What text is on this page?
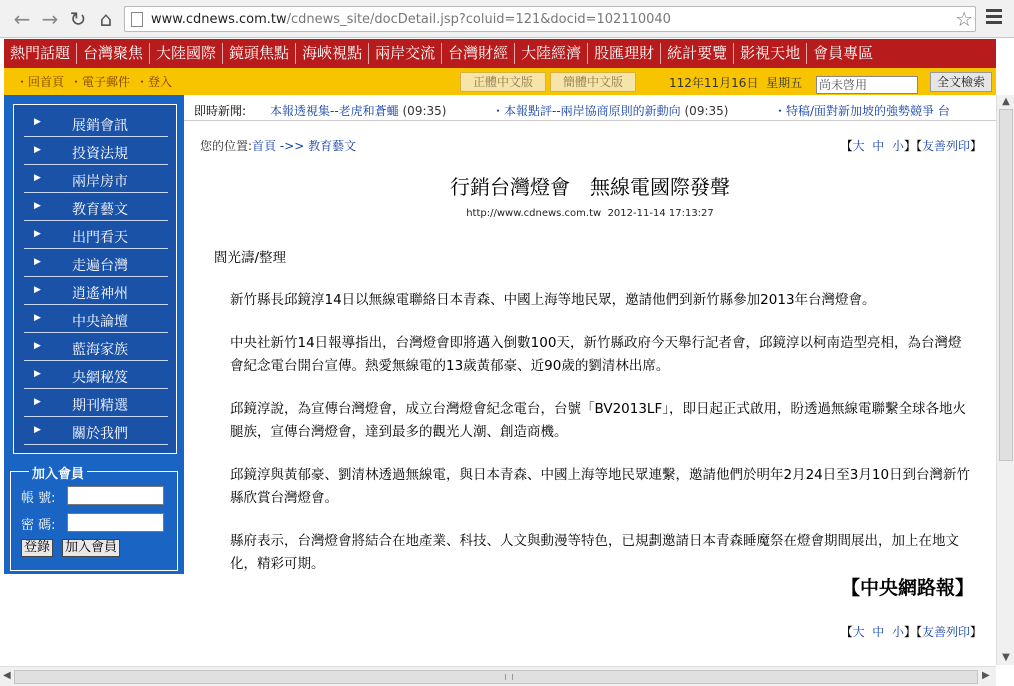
← → ↻ ⌂	www.cdnews.com.tw/cdnews_site/docDetail.jsp?coluid=121&docid=102110040	☆
熱門話題 台灣聚焦 大陸國際 鏡頭焦點 海峽視點 兩岸交流 台灣財經 大陸經濟 股匯理財 統計要覽 影視天地 會員專區
・回首頁 ・電子郵件 ・登入	正體中文版	簡體中文版	112年11月16日 星期五 尚未啓用	全文檢索
▶ 展銷會訊
▶ 投資法規
▶ 兩岸房市
▶ 教育藝文
▶ 出門看天
▶ 走遍台灣
▶ 逍遙神州
▶ 中央論壇
▶ 藍海家族
▶ 央網秘笈
▶ 期刊精選
▶ 關於我們
加入會員
帳 號:
密 碼:
登錄 加入會員
即時新聞: 本報透視集--老虎和蒼蠅 (09:35)	・本報點評--兩岸協商原則的新動向 (09:35)	・特稿/面對新加坡的強勢競爭 台
您的位置:首頁 ->> 教育藝文	【大 中 小】【友善列印】
行銷台灣燈會　無線電國際發聲
http://www.cdnews.com.tw 2012-11-14 17:13:27

閻光濤/整理

新竹縣長邱鏡淳14日以無線電聯絡日本青森、中國上海等地民眾，邀請他們到新竹縣參加2013年台灣燈會。

中央社新竹14日報導指出，台灣燈會即將邁入倒數100天，新竹縣政府今天舉行記者會，邱鏡淳以柯南造型亮相，為台灣燈會紀念電台開台宣傳。熱愛無線電的13歲黃郁豪、近90歲的劉清林出席。

邱鏡淳說，為宣傳台灣燈會，成立台灣燈會紀念電台，台號「BV2013LF」，即日起正式啟用，盼透過無線電聯繫全球各地火腿族，宣傳台灣燈會，達到最多的觀光人潮、創造商機。

邱鏡淳與黃郁豪、劉清林透過無線電，與日本青森、中國上海等地民眾連繫，邀請他們於明年2月24日至3月10日到台灣新竹縣欣賞台灣燈會。

縣府表示，台灣燈會將結合在地產業、科技、人文與動漫等特色，已規劃邀請日本青森睡魔祭在燈會期間展出，加上在地文化，精彩可期。

【中央網路報】
【大 中 小】【友善列印】
▲
▼
◀	▶
